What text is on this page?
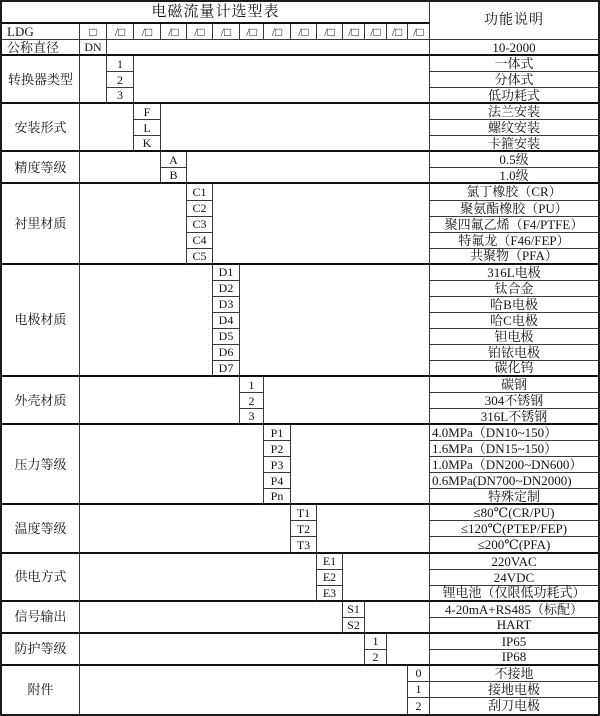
电磁流量计选型表
功能说明
LDG	□	/□	/□	/□	/□	/□	/□	/□	/□	/□	/□ /□ /□ /□
公称直径	DN	10-2000
转换器类型
1	一体式
2	分体式
3	低功耗式
安装形式
F	法兰安装
L	螺纹安装
K	卡箍安装
精度等级
A	0.5级
B	1.0级
衬里材质
C1	氯丁橡胶（CR）
C2	聚氨酯橡胶（PU）
C3	聚四氟乙烯（F4/PTFE）
C4	特氟龙（F46/FEP）
C5	共聚物（PFA）
电极材质
D1	316L电极
D2	钛合金
D3	哈B电极
D4	哈C电极
D5	钽电极
D6	铂铱电极
D7	碳化钨
外壳材质
1	碳钢
2	304不锈钢
3	316L不锈钢
压力等级
P1	4.0MPa（DN10~150）
P2	1.6MPa（DN15~150）
P3	1.0MPa（DN200~DN600）
P4	0.6MPa(DN700~DN2000)
Pn	特殊定制
温度等级
T1	≤80℃(CR/PU)
T2	≤120℃(PTEP/FEP)
T3	≤200℃(PFA)
供电方式
E1	220VAC
E2	24VDC
E3	锂电池（仅限低功耗式）
信号输出
S1	4-20mA+RS485（标配）
S2	HART
防护等级
1	IP65
2	IP68
附件
0	不接地
1	接地电极
2	刮刀电极
